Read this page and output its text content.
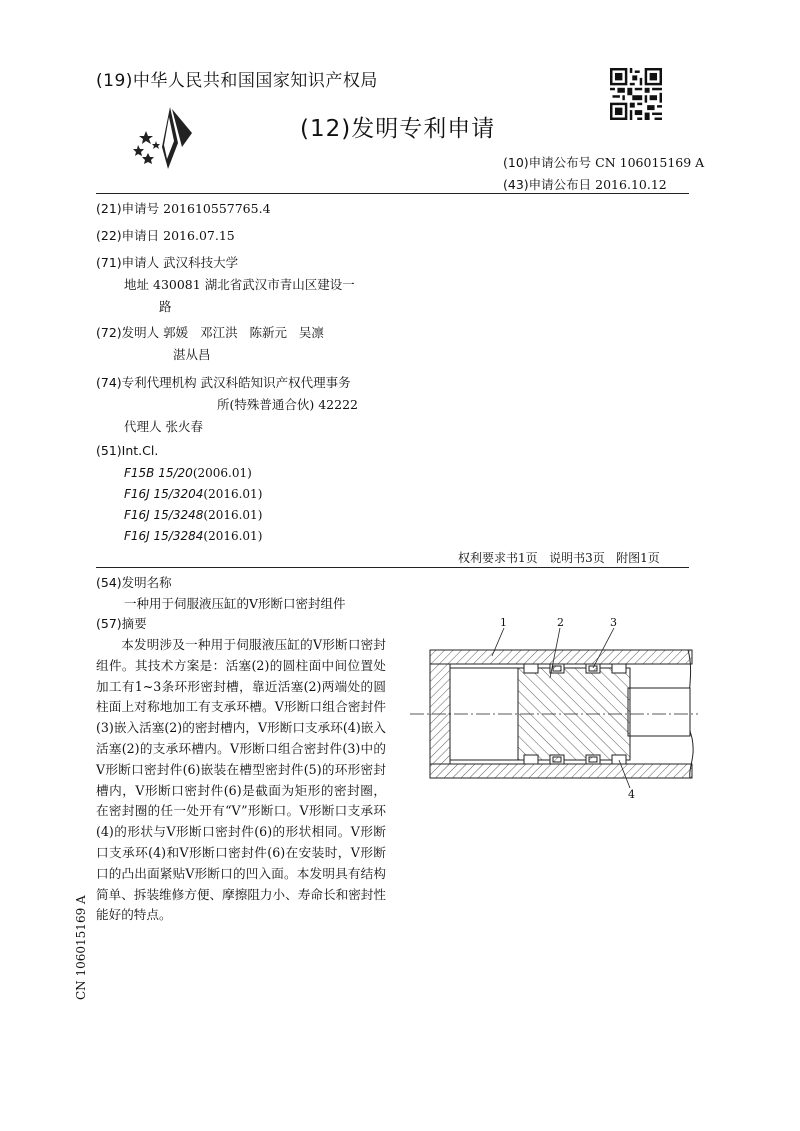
(19)中华人民共和国国家知识产权局
(12)发明专利申请
(10)申请公布号 CN 106015169 A
(43)申请公布日 2016.10.12
(21)申请号 201610557765.4
(22)申请日 2016.07.15
(71)申请人 武汉科技大学
地址 430081 湖北省武汉市青山区建设一
路
(72)发明人 郭媛   邓江洪   陈新元   吴凛
湛从昌
(74)专利代理机构 武汉科皓知识产权代理事务
所(特殊普通合伙) 42222
代理人 张火春
(51)Int.Cl.
F15B 15/20(2006.01)
F16J 15/3204(2016.01)
F16J 15/3248(2016.01)
F16J 15/3284(2016.01)
权利要求书1页   说明书3页   附图1页
(54)发明名称
一种用于伺服液压缸的V形断口密封组件
(57)摘要
本发明涉及一种用于伺服液压缸的V形断口密封组件。其技术方案是：活塞(2)的圆柱面中间位置处加工有1~3条环形密封槽，靠近活塞(2)两端处的圆柱面上对称地加工有支承环槽。V形断口组合密封件(3)嵌入活塞(2)的密封槽内，V形断口支承环(4)嵌入活塞(2)的支承环槽内。V形断口组合密封件(3)中的V形断口密封件(6)嵌装在槽型密封件(5)的环形密封槽内，V形断口密封件(6)是截面为矩形的密封圈，在密封圈的任一处开有“V”形断口。V形断口支承环(4)的形状与V形断口密封件(6)的形状相同。V形断口支承环(4)和V形断口密封件(6)在安装时，V形断口的凸出面紧贴V形断口的凹入面。本发明具有结构简单、拆装维修方便、摩擦阻力小、寿命长和密封性能好的特点。
1	2	3
4
CN 106015169 A
